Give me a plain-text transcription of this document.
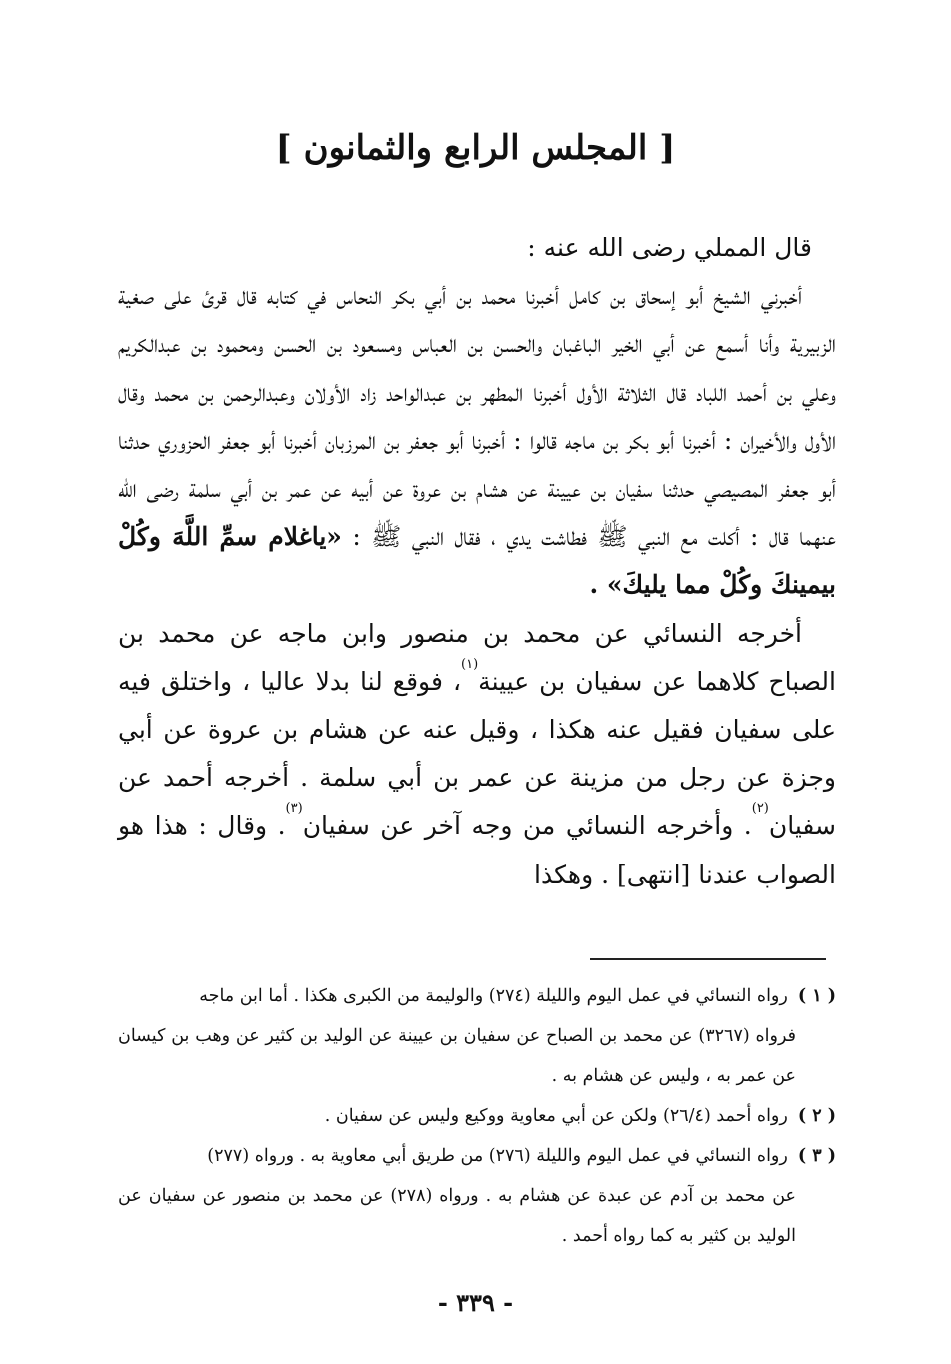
[ المجلس الرابع والثمانون ]

قال المملي رضى الله عنه :

أخبرني الشيخ أبو إسحاق بن كامل أخبرنا محمد بن أبي بكر النحاس في كتابه قال قرئ على صغية الزبيرية وأنا أسمع عن أبي الخير الباغبان والحسن بن العباس ومسعود بن الحسن ومحمود بن عبدالكريم وعلي بن أحمد اللباد قال الثلاثة الأول أخبرنا المطهر بن عبدالواحد زاد الأولان وعبدالرحمن بن محمد وقال الأول والأخيران : أخبرنا أبو بكر بن ماجه قالوا : أخبرنا أبو جعفر بن المرزبان أخبرنا أبو جعفر الحزوري حدثنا أبو جعفر المصيصي حدثنا سفيان بن عيينة عن هشام بن عروة عن أبيه عن عمر بن أبي سلمة رضى الله عنهما قال : أكلت مع النبي ﷺ فطاشت يدي ، فقال النبي ﷺ : «ياغلام سمِّ اللَّهَ وكُلْ بيمينكَ وكُلْ مما يليكَ» .

أخرجه النسائي عن محمد بن منصور وابن ماجه عن محمد بن الصباح كلاهما عن سفيان بن عيينة$^{(١)}$، فوقع لنا بدلا عاليا ، واختلق فيه على سفيان فقيل عنه هكذا ، وقيل عنه عن هشام بن عروة عن أبي وجزة عن رجل من مزينة عن عمر بن أبي سلمة . أخرجه أحمد عن سفيان$^{(٢)}$. وأخرجه النسائي من وجه آخر عن سفيان$^{(٣)}$. وقال : هذا هو الصواب عندنا [انتهى] . وهكذا

( ١ )رواه النسائي في عمل اليوم والليلة (٢٧٤) والوليمة من الكبرى هكذا . أما ابن ماجه
فرواه (٣٢٦٧) عن محمد بن الصباح عن سفيان بن عيينة عن الوليد بن كثير عن وهب بن كيسان عن عمر به ، وليس عن هشام به .

( ٢ )رواه أحمد (٢٦/٤) ولكن عن أبي معاوية ووكيع وليس عن سفيان .

( ٣ )رواه النسائي في عمل اليوم والليلة (٢٧٦) من طريق أبي معاوية به . ورواه (٢٧٧)
عن محمد بن آدم عن عبدة عن هشام به . ورواه (٢٧٨) عن محمد بن منصور عن سفيان عن الوليد بن كثير به كما رواه أحمد .

- ٣٣٩ -
